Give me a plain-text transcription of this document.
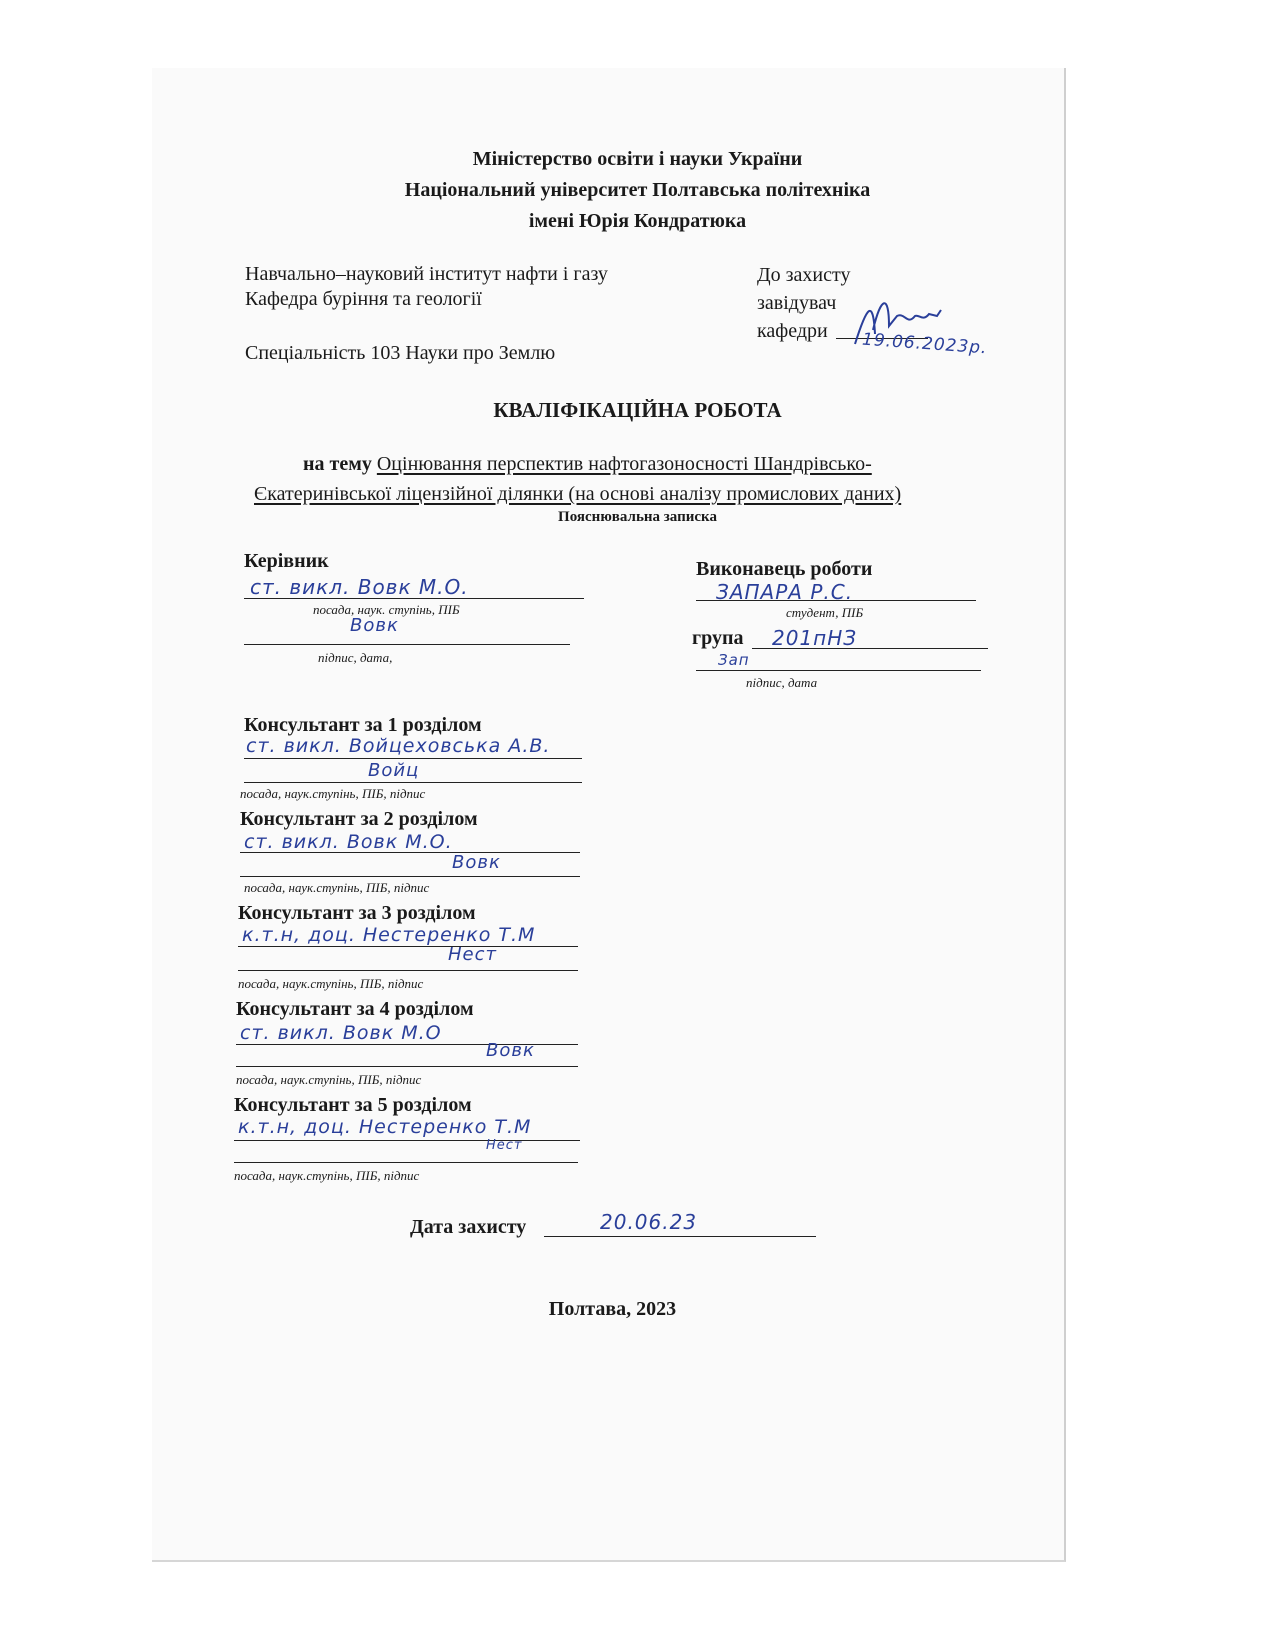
Міністерство освіти і науки України
Національний університет Полтавська політехніка
імені Юрія Кондратюка
Навчально–науковий інститут нафти і газу
Кафедра буріння та геології
Спеціальність 103 Науки про Землю
До захисту
завідувач
кафедри 19.06.2023р.
КВАЛІФІКАЦІЙНА РОБОТА
на тему Оцінювання перспектив нафтогазоносності Шандрівсько-
Єкатеринівської ліцензійної ділянки (на основі аналізу промислових даних)
Пояснювальна записка
Керівник
ст. викл. Вовк М.О.
посада, наук. ступінь, ПІБ
Вовк
підпис, дата,
Виконавець роботи
ЗАПАРА Р.С.
студент, ПІБ
група 201пНЗ
Зап
підпис, дата
Консультант за 1 розділом
ст. викл. Войцеховська А.В.
Войц
посада, наук.ступінь, ПІБ, підпис
Консультант за 2 розділом
ст. викл. Вовк М.О.
Вовк
посада, наук.ступінь, ПІБ, підпис
Консультант за 3 розділом
к.т.н, доц. Нестеренко Т.М
Нест
посада, наук.ступінь, ПІБ, підпис
Консультант за 4 розділом
ст. викл. Вовк М.О
Вовк
посада, наук.ступінь, ПІБ, підпис
Консультант за 5 розділом
к.т.н, доц. Нестеренко Т.М
Нест
посада, наук.ступінь, ПІБ, підпис
Дата захисту	20.06.23
Полтава, 2023
